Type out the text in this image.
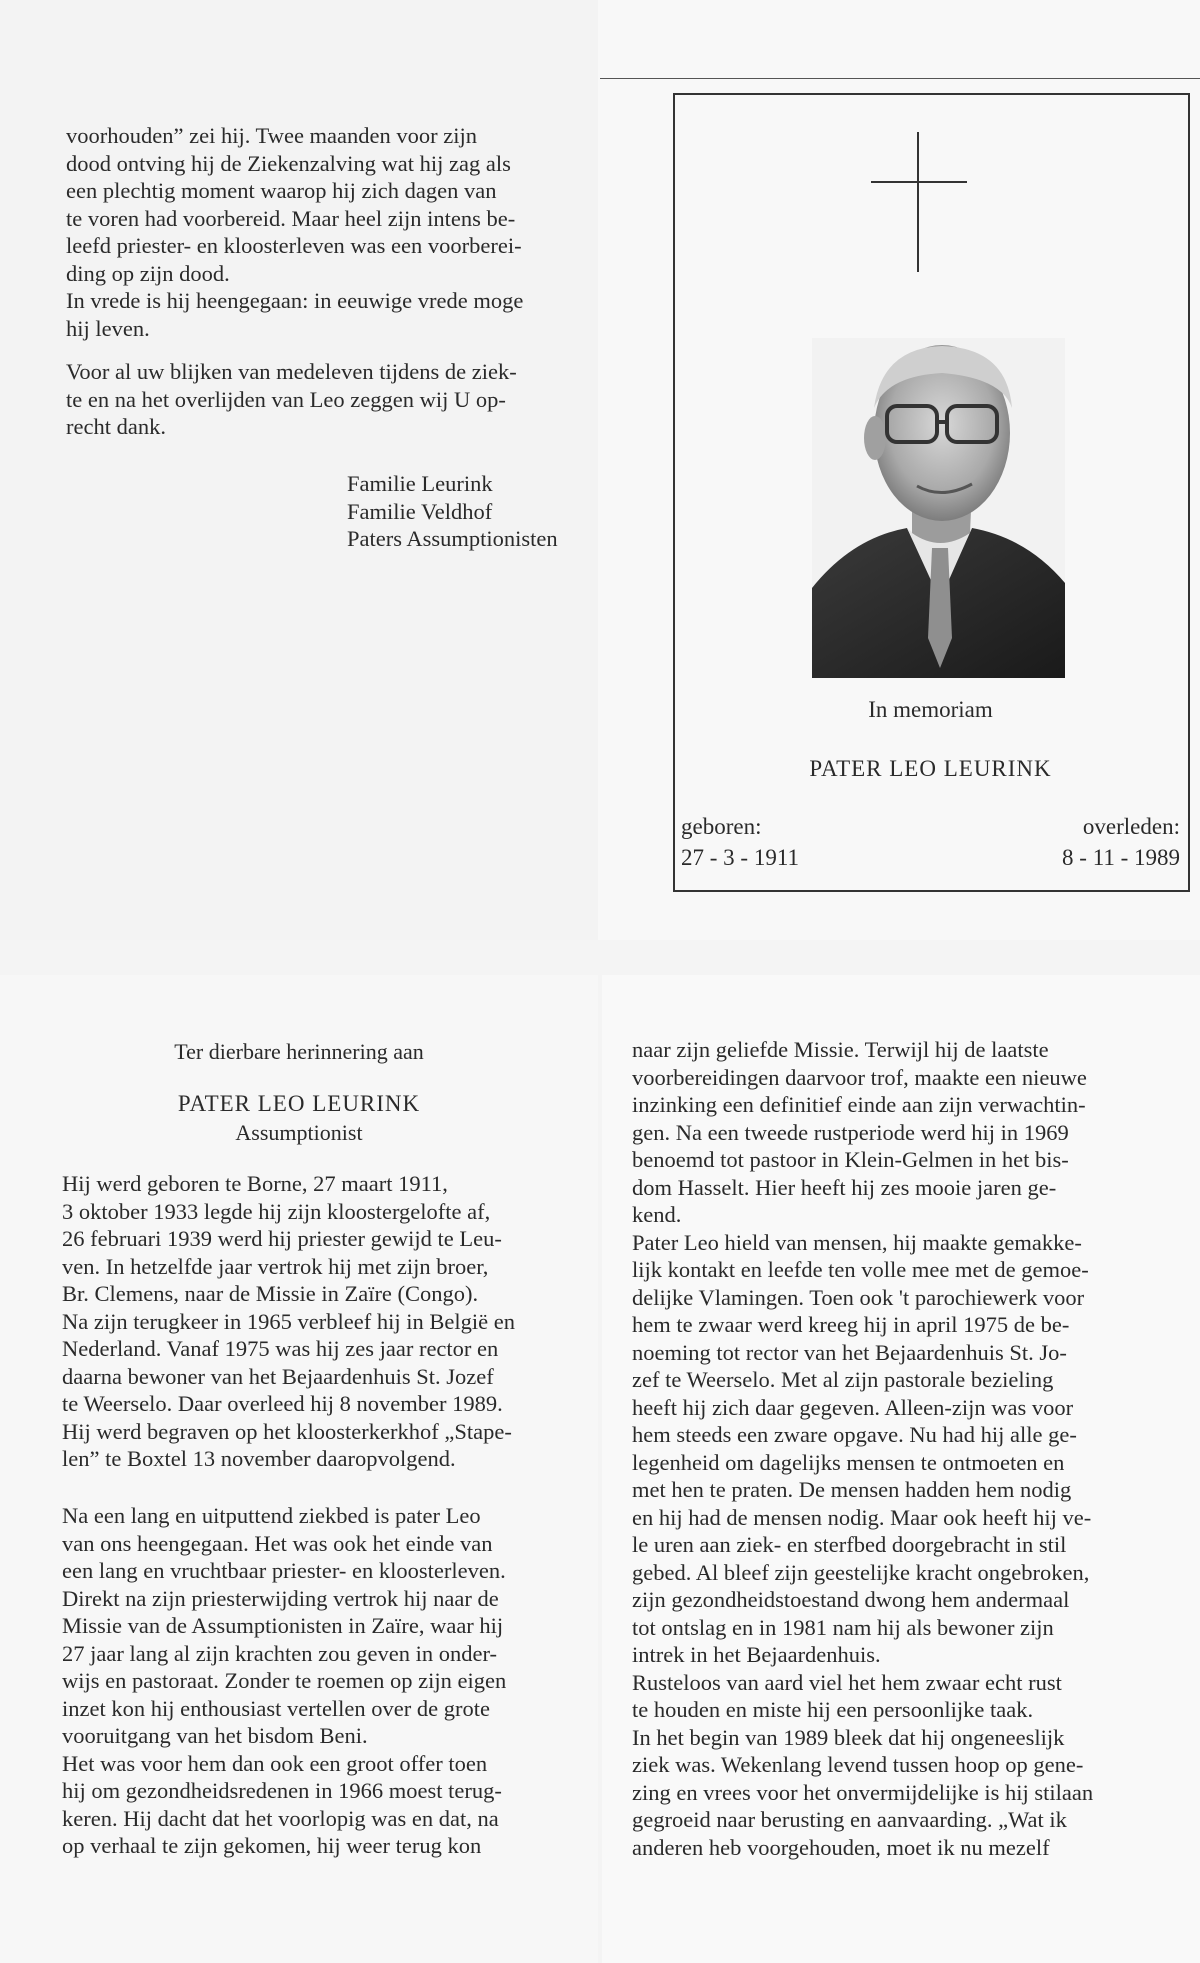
voorhouden” zei hij. Twee maanden voor zijn

dood ontving hij de Ziekenzalving wat hij zag als

een plechtig moment waarop hij zich dagen van

te voren had voorbereid. Maar heel zijn intens be-

leefd priester- en kloosterleven was een voorberei-

ding op zijn dood.

In vrede is hij heengegaan: in eeuwige vrede moge

hij leven.

Voor al uw blijken van medeleven tijdens de ziek-

te en na het overlijden van Leo zeggen wij U op-

recht dank.

Familie Leurink

Familie Veldhof

Paters Assumptionisten

In memoriam
PATER LEO LEURINK
geboren:
27 - 3 - 1911
overleden:
8 - 11 - 1989
Ter dierbare herinnering aan
PATER LEO LEURINK
Assumptionist

Hij werd geboren te Borne, 27 maart 1911,

3 oktober 1933 legde hij zijn kloostergelofte af,

26 februari 1939 werd hij priester gewijd te Leu-

ven. In hetzelfde jaar vertrok hij met zijn broer,

Br. Clemens, naar de Missie in Zaïre (Congo).

Na zijn terugkeer in 1965 verbleef hij in België en

Nederland. Vanaf 1975 was hij zes jaar rector en

daarna bewoner van het Bejaardenhuis St. Jozef

te Weerselo. Daar overleed hij 8 november 1989.

Hij werd begraven op het kloosterkerkhof „Stape-

len” te Boxtel 13 november daaropvolgend.

Na een lang en uitputtend ziekbed is pater Leo

van ons heengegaan. Het was ook het einde van

een lang en vruchtbaar priester- en kloosterleven.

Direkt na zijn priesterwijding vertrok hij naar de

Missie van de Assumptionisten in Zaïre, waar hij

27 jaar lang al zijn krachten zou geven in onder-

wijs en pastoraat. Zonder te roemen op zijn eigen

inzet kon hij enthousiast vertellen over de grote

vooruitgang van het bisdom Beni.

Het was voor hem dan ook een groot offer toen

hij om gezondheidsredenen in 1966 moest terug-

keren. Hij dacht dat het voorlopig was en dat, na

op verhaal te zijn gekomen, hij weer terug kon

naar zijn geliefde Missie. Terwijl hij de laatste

voorbereidingen daarvoor trof, maakte een nieuwe

inzinking een definitief einde aan zijn verwachtin-

gen. Na een tweede rustperiode werd hij in 1969

benoemd tot pastoor in Klein-Gelmen in het bis-

dom Hasselt. Hier heeft hij zes mooie jaren ge-

kend.

Pater Leo hield van mensen, hij maakte gemakke-

lijk kontakt en leefde ten volle mee met de gemoe-

delijke Vlamingen. Toen ook 't parochiewerk voor

hem te zwaar werd kreeg hij in april 1975 de be-

noeming tot rector van het Bejaardenhuis St. Jo-

zef te Weerselo. Met al zijn pastorale bezieling

heeft hij zich daar gegeven. Alleen-zijn was voor

hem steeds een zware opgave. Nu had hij alle ge-

legenheid om dagelijks mensen te ontmoeten en

met hen te praten. De mensen hadden hem nodig

en hij had de mensen nodig. Maar ook heeft hij ve-

le uren aan ziek- en sterfbed doorgebracht in stil

gebed. Al bleef zijn geestelijke kracht ongebroken,

zijn gezondheidstoestand dwong hem andermaal

tot ontslag en in 1981 nam hij als bewoner zijn

intrek in het Bejaardenhuis.

Rusteloos van aard viel het hem zwaar echt rust

te houden en miste hij een persoonlijke taak.

In het begin van 1989 bleek dat hij ongeneeslijk

ziek was. Wekenlang levend tussen hoop op gene-

zing en vrees voor het onvermijdelijke is hij stilaan

gegroeid naar berusting en aanvaarding. „Wat ik

anderen heb voorgehouden, moet ik nu mezelf
